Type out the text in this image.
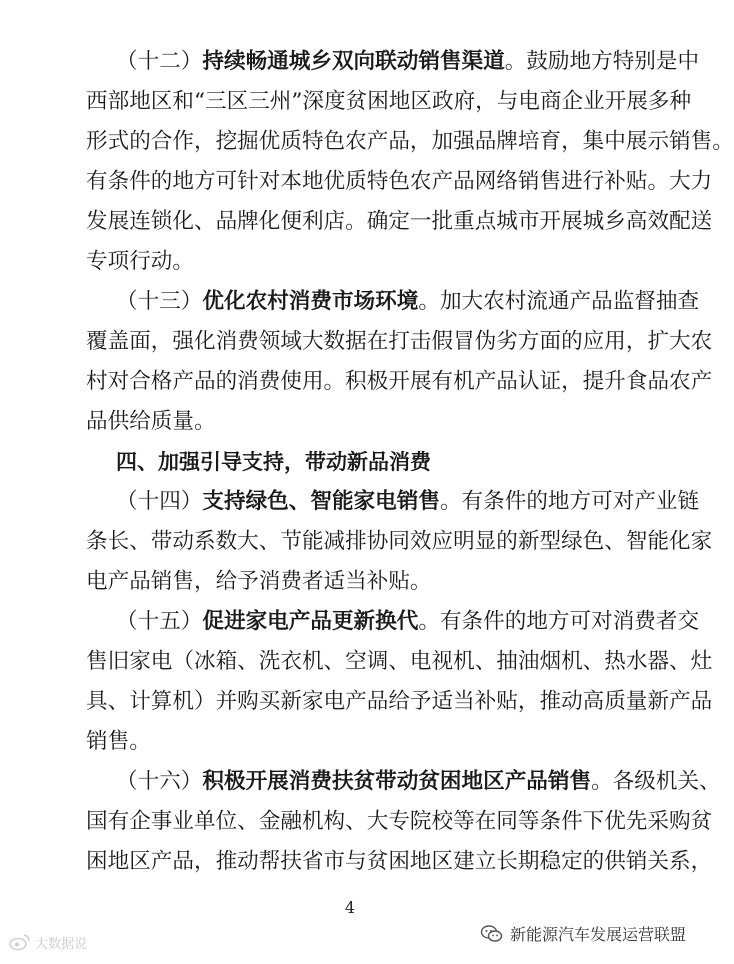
（十二）持续畅通城乡双向联动销售渠道。鼓励地方特别是中
西部地区和“三区三州”深度贫困地区政府，与电商企业开展多种
形式的合作，挖掘优质特色农产品，加强品牌培育，集中展示销售。
有条件的地方可针对本地优质特色农产品网络销售进行补贴。大力
发展连锁化、品牌化便利店。确定一批重点城市开展城乡高效配送
专项行动。
（十三）优化农村消费市场环境。加大农村流通产品监督抽查
覆盖面，强化消费领域大数据在打击假冒伪劣方面的应用，扩大农
村对合格产品的消费使用。积极开展有机产品认证，提升食品农产
品供给质量。
四、加强引导支持，带动新品消费
（十四）支持绿色、智能家电销售。有条件的地方可对产业链
条长、带动系数大、节能减排协同效应明显的新型绿色、智能化家
电产品销售，给予消费者适当补贴。
（十五）促进家电产品更新换代。有条件的地方可对消费者交
售旧家电（冰箱、洗衣机、空调、电视机、抽油烟机、热水器、灶
具、计算机）并购买新家电产品给予适当补贴，推动高质量新产品
销售。
（十六）积极开展消费扶贫带动贫困地区产品销售。各级机关、
国有企事业单位、金融机构、大专院校等在同等条件下优先采购贫
困地区产品，推动帮扶省市与贫困地区建立长期稳定的供销关系，
4
大数据说	新能源汽车发展运营联盟
